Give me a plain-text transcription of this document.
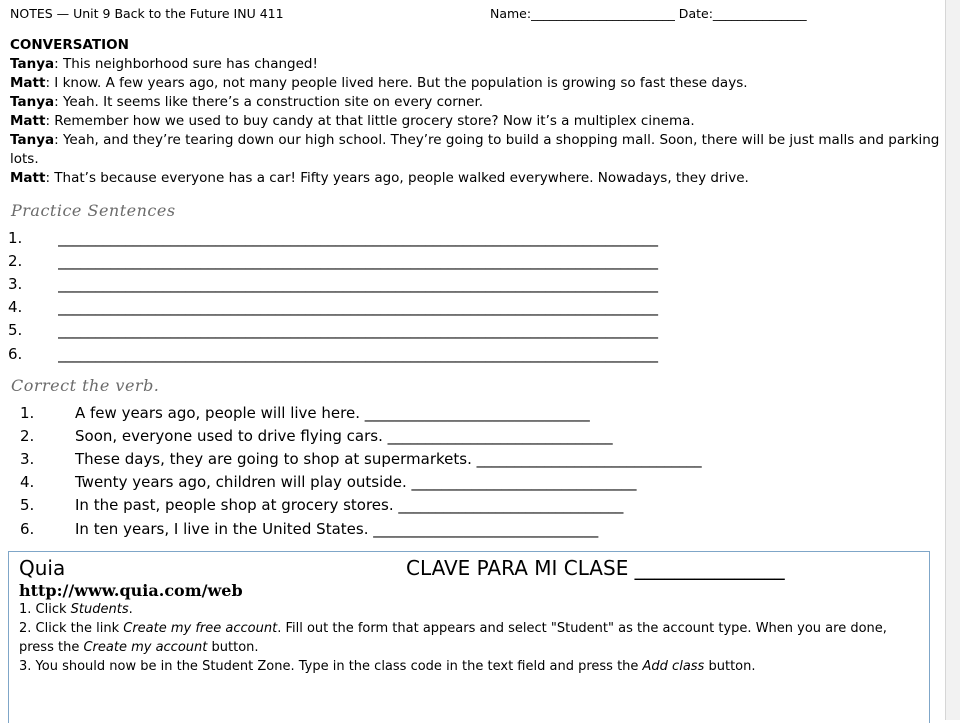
NOTES — Unit 9 Back to the Future INU 411	Name:_______________________ Date:_______________
CONVERSATION
Tanya: This neighborhood sure has changed!
Matt: I know. A few years ago, not many people lived here. But the population is growing so fast these days.
Tanya: Yeah. It seems like there’s a construction site on every corner.
Matt: Remember how we used to buy candy at that little grocery store? Now it’s a multiplex cinema.
Tanya: Yeah, and they’re tearing down our high school. They’re going to build a shopping mall. Soon, there will be just malls and parking lots.
Matt: That’s because everyone has a car! Fifty years ago, people walked everywhere. Nowadays, they drive.
Practice Sentences
1.	________________________________________________________________________________
2.	________________________________________________________________________________
3.	________________________________________________________________________________
4.	________________________________________________________________________________
5.	________________________________________________________________________________
6.	________________________________________________________________________________
Correct the verb.
1.	A few years ago, people will live here. ______________________________
2.	Soon, everyone used to drive flying cars. ______________________________
3.	These days, they are going to shop at supermarkets. ______________________________
4.	Twenty years ago, children will play outside. ______________________________
5.	In the past, people shop at grocery stores. ______________________________
6.	In ten years, I live in the United States. ______________________________
Quia	CLAVE PARA MI CLASE _______________
http://www.quia.com/web
1. Click Students.
2. Click the link Create my free account. Fill out the form that appears and select "Student" as the account type. When you are done, press the Create my account button.
3. You should now be in the Student Zone. Type in the class code in the text field and press the Add class button.
